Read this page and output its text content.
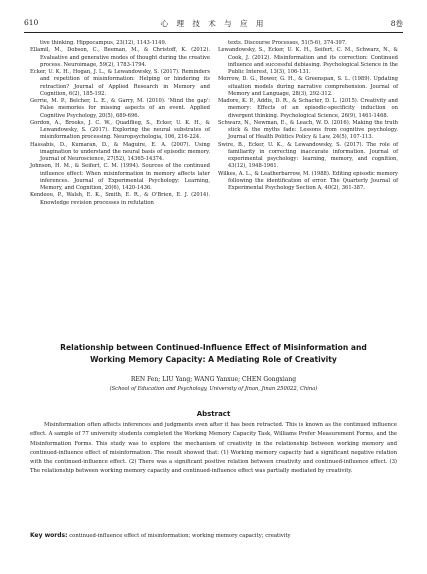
610	心 理 技 术 与 应 用	8卷
tive thinking. Hippocampus, 23(12), 1143-1149.
Ellamil, M., Dobson, C., Beeman, M., & Christoff, K. (2012). Evaluative and generative modes of thought during the creative process. Neuroimage, 59(2), 1783-1794.
Ecker, U. K. H., Hogan, J. L., & Lewandowsky, S. (2017). Reminders and repetition of misinformation: Helping or hindering its retraction? Journal of Applied Research in Memory and Cognition, 6(2), 185-192.
Gerrie, M. P., Belcher, L. E., & Garry, M. (2010). 'Mind the gap': False memories for missing aspects of an event. Applied Cognitive Psychology, 20(5), 689-696.
Gordon, A., Brooks, J. C. W., Quadflieg, S., Ecker, U. K. H., & Lewandowsky, S. (2017). Exploring the neural substrates of misinformation processing. Neuropsychologia, 106, 216-224.
Hassabis, D., Kumaran, D., & Maguire, E. A. (2007). Using imagination to understand the neural basis of episodic memory. Journal of Neuroscience, 27(52), 14365-14374.
Johnson, H. M., & Seifert, C. M. (1994). Sources of the continued influence effect: When misinformation in memory affects later inferences. Journal of Experimental Psychology: Learning, Memory, and Cognition, 20(6), 1420-1436.
Kendeou, P., Walsh, E. K., Smith, E. R., & O'Brien, E. J. (2014). Knowledge revision processes in refutation
texts. Discourse Processes, 51(5-6), 374-397.
Lewandowsky, S., Ecker, U. K. H., Seifert, C. M., Schwarz, N., & Cook, J. (2012). Misinformation and its correction: Continued influence and successful debiasing. Psychological Science in the Public Interest, 13(3), 106-131.
Morrow, D. G., Bower, G. H., & Greenspan, S. L. (1989). Updating situation models during narrative comprehension. Journal of Memory and Language, 28(3), 292-312.
Madore, K. P., Addis, D. R., & Schacter, D. L. (2015). Creativity and memory: Effects of an episodic-specificity induction on divergent thinking. Psychological Science, 26(9), 1461-1468.
Schwarz, N., Newman, E., & Leach, W. D. (2016). Making the truth stick & the myths fade: Lessons from cognitive psychology. Journal of Health Politics Policy & Law, 24(5), 107-113.
Swire, B., Ecker, U. K., & Lewandowsky, S. (2017). The role of familiarity in correcting inaccurate information. Journal of experimental psychology: learning, memory, and cognition, 43(12), 1948-1961.
Wilkes, A. L., & Leatherbarrow, M. (1988). Editing episodic memory following the identification of error. The Quarterly Journal of Experimental Psychology Section A, 40(2), 361-387.
Relationship between Continued-Influence Effect of Misinformation and
Working Memory Capacity: A Mediating Role of Creativity
REN Fen; LIU Yang; WANG Yanxue; CHEN Gongxiang
(School of Education and Psychology, University of Jinan, Jinan 250022, China)
Abstract

Misinformation often affects inferences and judgments even after it has been retracted. This is known as the continued influence effect. A sample of 77 university students completed the Working Memory Capacity Task, Williams Prefer Measurement Forms, and the Misinformation Forms. This study was to explore the mechanism of creativity in the relationship between working memory and continued-influence effect of misinformation. The result showed that: (1) Working memory capacity had a significant negative relation with the continued-influence effect. (2) There was a significant positive relation between creativity and continued-influence effect. (3) The relationship between working memory capacity and continued-influence effect was partially mediated by creativity.

Key words: continued-influence effect of misinformation; working memory capacity; creativity
